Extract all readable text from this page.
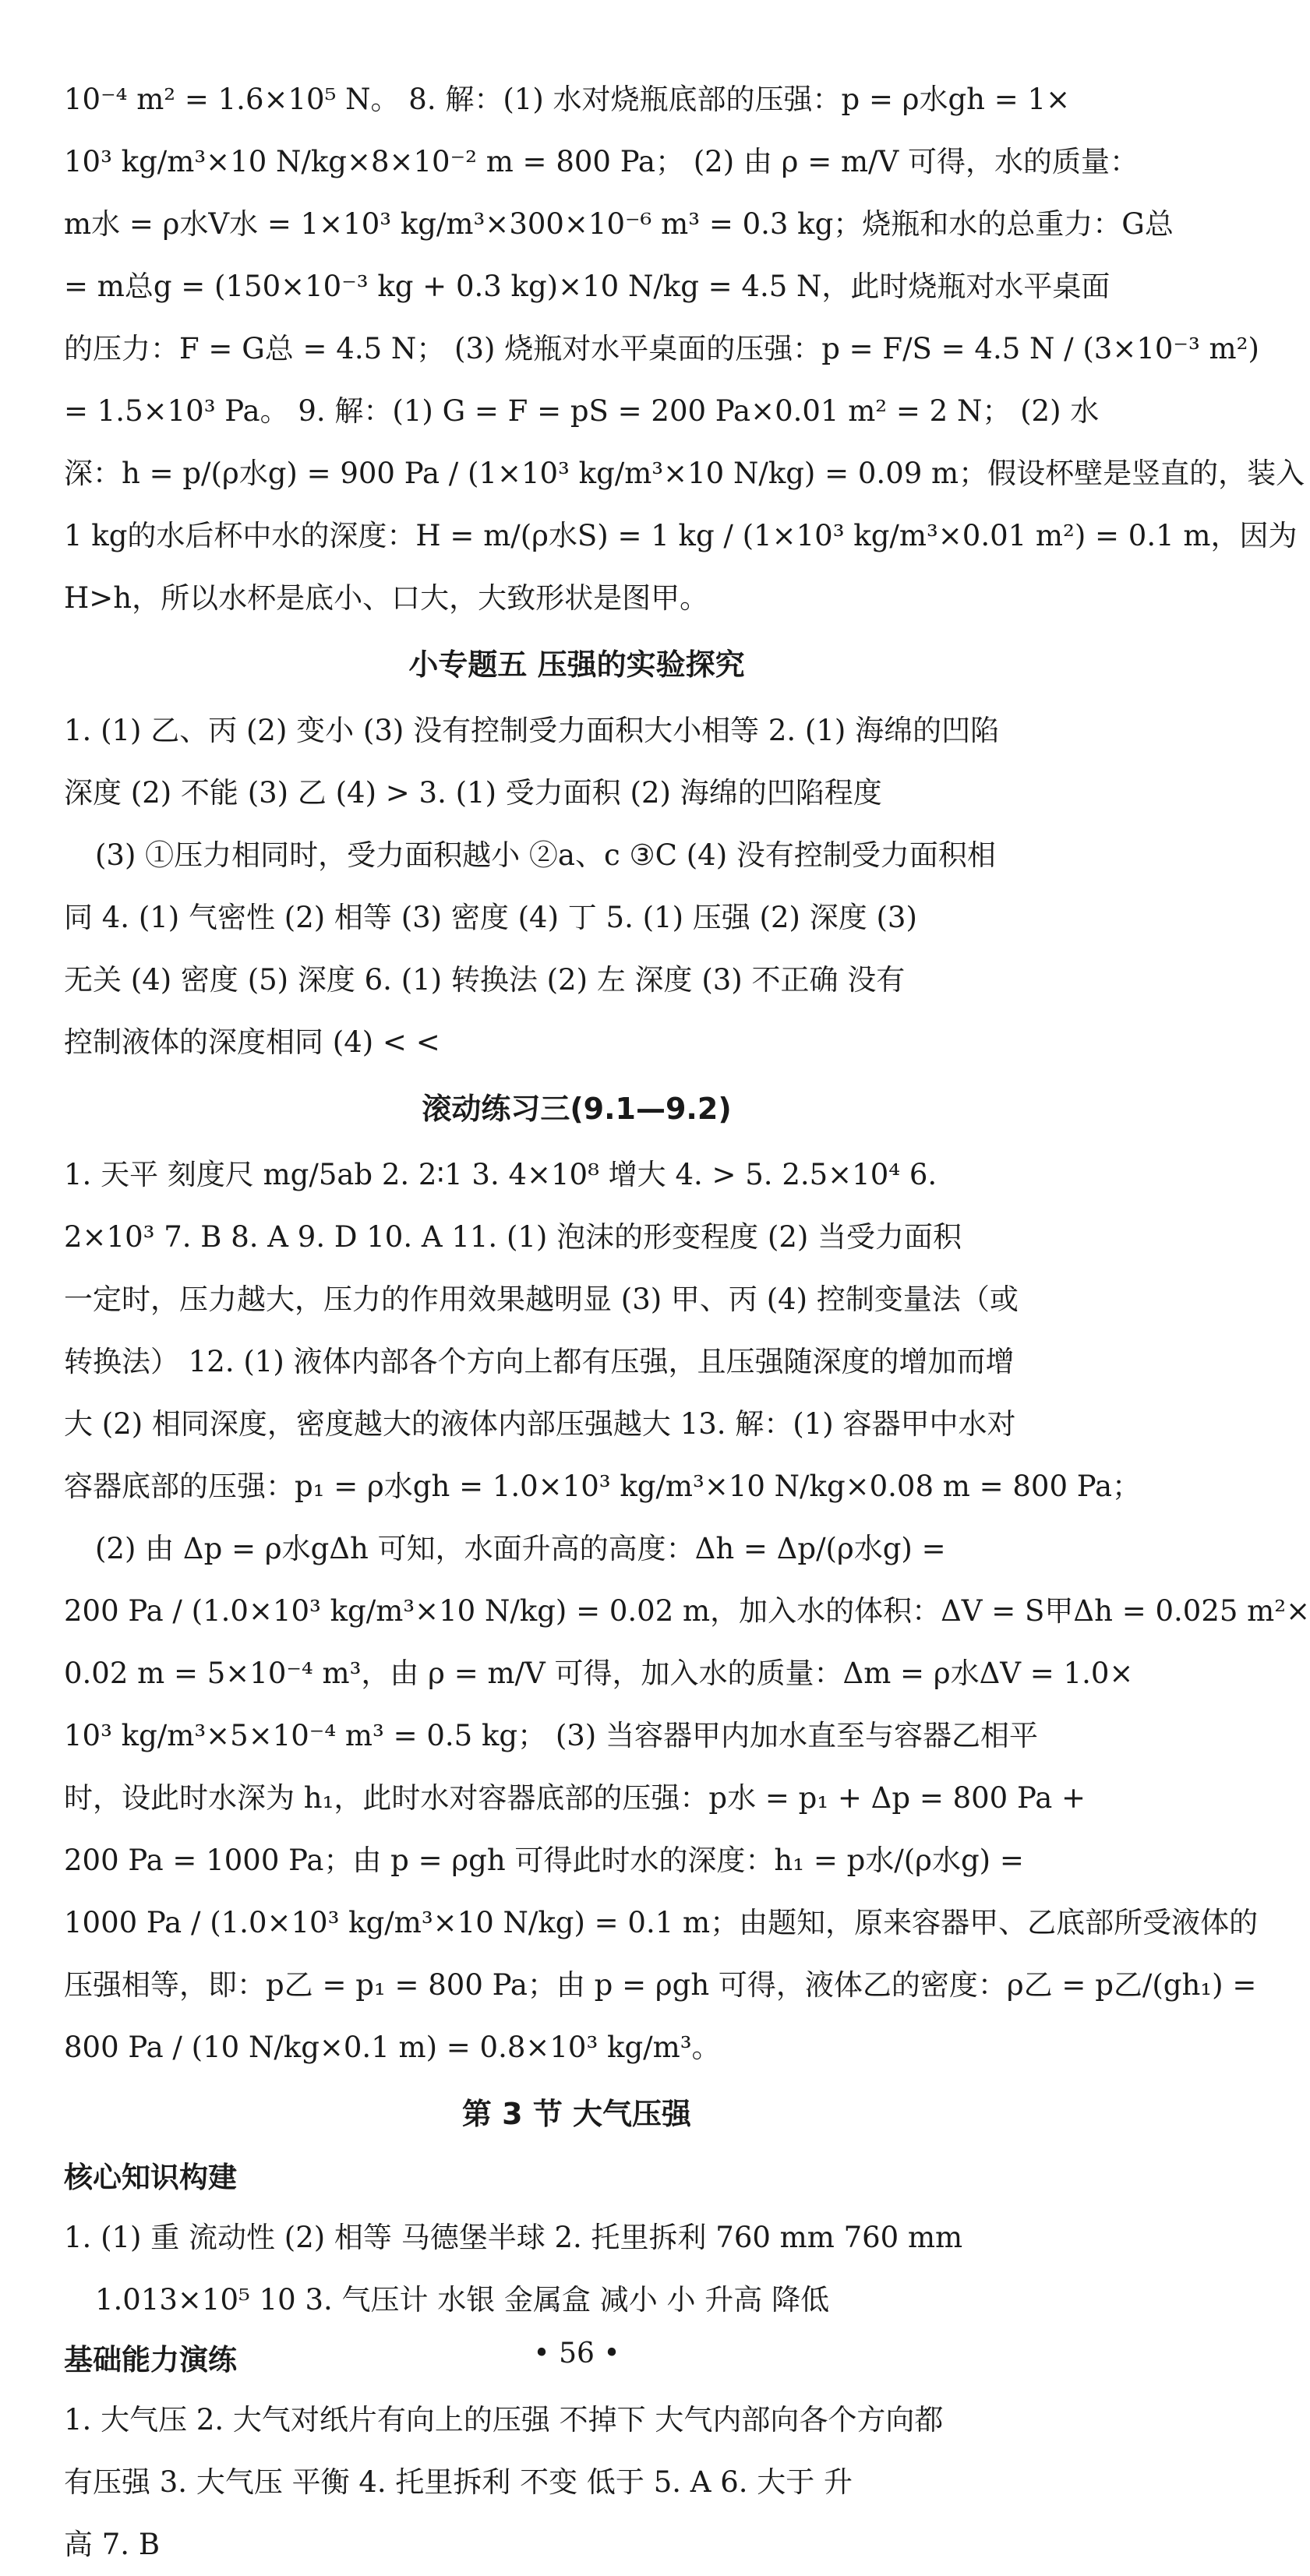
10⁻⁴ m² = 1.6×10⁵ N。 8. 解：(1) 水对烧瓶底部的压强：p = ρ水gh = 1×
10³ kg/m³×10 N/kg×8×10⁻² m = 800 Pa； (2) 由 ρ = m/V 可得，水的质量：
m水 = ρ水V水 = 1×10³ kg/m³×300×10⁻⁶ m³ = 0.3 kg；烧瓶和水的总重力：G总
= m总g = (150×10⁻³ kg + 0.3 kg)×10 N/kg = 4.5 N，此时烧瓶对水平桌面
的压力：F = G总 = 4.5 N； (3) 烧瓶对水平桌面的压强：p = F/S = 4.5 N / (3×10⁻³ m²)
= 1.5×10³ Pa。 9. 解：(1) G = F = pS = 200 Pa×0.01 m² = 2 N； (2) 水
深：h = p/(ρ水g) = 900 Pa / (1×10³ kg/m³×10 N/kg) = 0.09 m；假设杯壁是竖直的，装入
1 kg的水后杯中水的深度：H = m/(ρ水S) = 1 kg / (1×10³ kg/m³×0.01 m²) = 0.1 m，因为
H>h，所以水杯是底小、口大，大致形状是图甲。
小专题五 压强的实验探究
1. (1) 乙、丙 (2) 变小 (3) 没有控制受力面积大小相等 2. (1) 海绵的凹陷
深度 (2) 不能 (3) 乙 (4) > 3. (1) 受力面积 (2) 海绵的凹陷程度
(3) ①压力相同时，受力面积越小 ②a、c ③C (4) 没有控制受力面积相
同 4. (1) 气密性 (2) 相等 (3) 密度 (4) 丁 5. (1) 压强 (2) 深度 (3)
无关 (4) 密度 (5) 深度 6. (1) 转换法 (2) 左 深度 (3) 不正确 没有
控制液体的深度相同 (4) < <
滚动练习三(9.1—9.2)
1. 天平 刻度尺 mg/5ab 2. 2∶1 3. 4×10⁸ 增大 4. > 5. 2.5×10⁴ 6.
2×10³ 7. B 8. A 9. D 10. A 11. (1) 泡沫的形变程度 (2) 当受力面积
一定时，压力越大，压力的作用效果越明显 (3) 甲、丙 (4) 控制变量法（或
转换法） 12. (1) 液体内部各个方向上都有压强，且压强随深度的增加而增
大 (2) 相同深度，密度越大的液体内部压强越大 13. 解：(1) 容器甲中水对
容器底部的压强：p₁ = ρ水gh = 1.0×10³ kg/m³×10 N/kg×0.08 m = 800 Pa；
(2) 由 Δp = ρ水gΔh 可知，水面升高的高度：Δh = Δp/(ρ水g) =
200 Pa / (1.0×10³ kg/m³×10 N/kg) = 0.02 m，加入水的体积：ΔV = S甲Δh = 0.025 m²×
0.02 m = 5×10⁻⁴ m³，由 ρ = m/V 可得，加入水的质量：Δm = ρ水ΔV = 1.0×
10³ kg/m³×5×10⁻⁴ m³ = 0.5 kg； (3) 当容器甲内加水直至与容器乙相平
时，设此时水深为 h₁，此时水对容器底部的压强：p水 = p₁ + Δp = 800 Pa +
200 Pa = 1000 Pa；由 p = ρgh 可得此时水的深度：h₁ = p水/(ρ水g) =
1000 Pa / (1.0×10³ kg/m³×10 N/kg) = 0.1 m；由题知，原来容器甲、乙底部所受液体的
压强相等，即：p乙 = p₁ = 800 Pa；由 p = ρgh 可得，液体乙的密度：ρ乙 = p乙/(gh₁) =
800 Pa / (10 N/kg×0.1 m) = 0.8×10³ kg/m³。
第 3 节 大气压强
核心知识构建
1. (1) 重 流动性 (2) 相等 马德堡半球 2. 托里拆利 760 mm 760 mm
1.013×10⁵ 10 3. 气压计 水银 金属盒 减小 小 升高 降低
基础能力演练
1. 大气压 2. 大气对纸片有向上的压强 不掉下 大气内部向各个方向都
有压强 3. 大气压 平衡 4. 托里拆利 不变 低于 5. A 6. 大于 升
高 7. B
• 56 •
